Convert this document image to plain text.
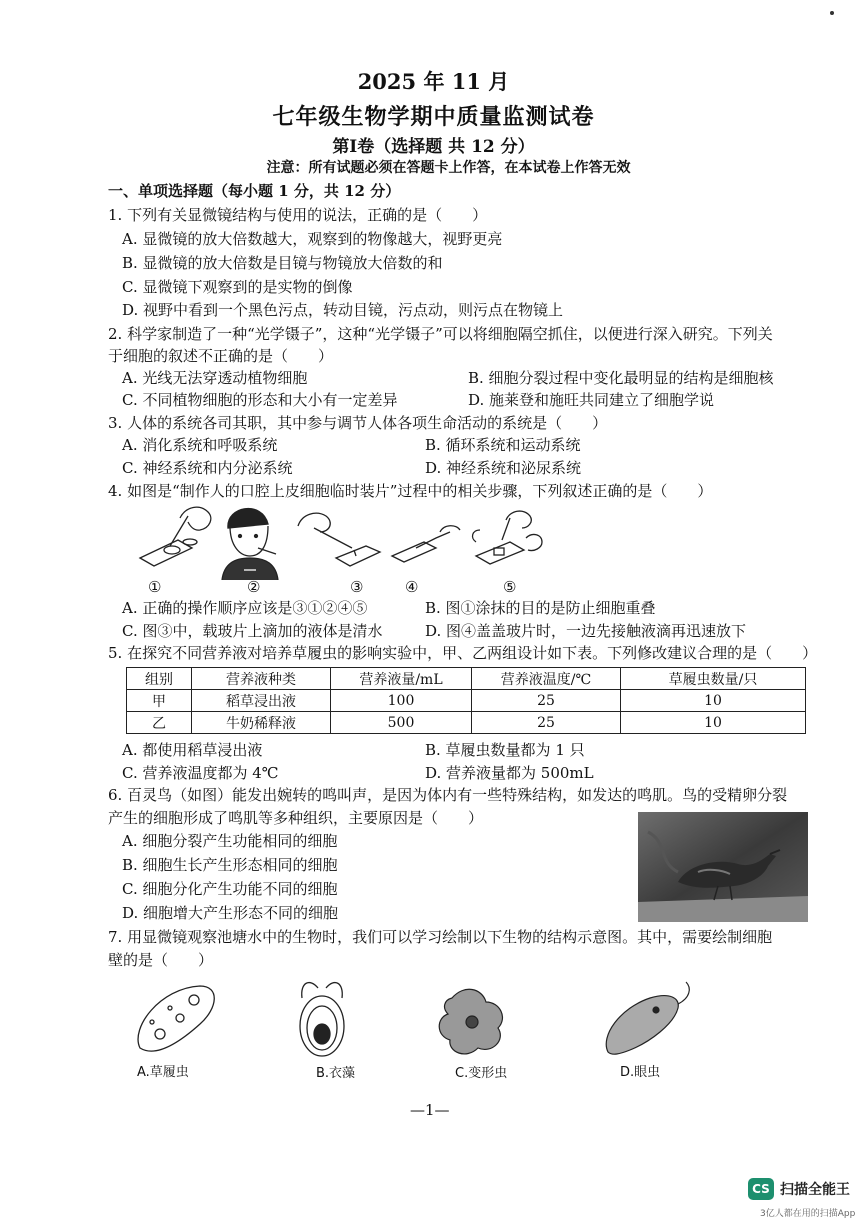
2025 年 11 月
七年级生物学期中质量监测试卷
第Ⅰ卷（选择题 共 12 分）
注意：所有试题必须在答题卡上作答，在本试卷上作答无效
一、单项选择题（每小题 1 分，共 12 分）
1. 下列有关显微镜结构与使用的说法，正确的是（　　）
A. 显微镜的放大倍数越大，观察到的物像越大，视野更亮
B. 显微镜的放大倍数是目镜与物镜放大倍数的和
C. 显微镜下观察到的是实物的倒像
D. 视野中看到一个黑色污点，转动目镜，污点动，则污点在物镜上
2. 科学家制造了一种“光学镊子”，这种“光学镊子”可以将细胞隔空抓住，以便进行深入研究。下列关
于细胞的叙述不正确的是（　　）
A. 光线无法穿透动植物细胞	B. 细胞分裂过程中变化最明显的结构是细胞核
C. 不同植物细胞的形态和大小有一定差异	D. 施莱登和施旺共同建立了细胞学说
3. 人体的系统各司其职，其中参与调节人体各项生命活动的系统是（　　）
A. 消化系统和呼吸系统	B. 循环系统和运动系统
C. 神经系统和内分泌系统	D. 神经系统和泌尿系统
4. 如图是“制作人的口腔上皮细胞临时装片”过程中的相关步骤，下列叙述正确的是（　　）
①	②	③	④	⑤
A. 正确的操作顺序应该是③①②④⑤	B. 图①涂抹的目的是防止细胞重叠
C. 图③中，载玻片上滴加的液体是清水	D. 图④盖盖玻片时，一边先接触液滴再迅速放下
5. 在探究不同营养液对培养草履虫的影响实验中，甲、乙两组设计如下表。下列修改建议合理的是（　　）
组别	营养液种类	营养液量/mL	营养液温度/℃	草履虫数量/只
甲	稻草浸出液	100	25	10
乙	牛奶稀释液	500	25	10
A. 都使用稻草浸出液	B. 草履虫数量都为 1 只
C. 营养液温度都为 4℃	D. 营养液量都为 500mL
6. 百灵鸟（如图）能发出婉转的鸣叫声，是因为体内有一些特殊结构，如发达的鸣肌。鸟的受精卵分裂
产生的细胞形成了鸣肌等多种组织，主要原因是（　　）
A. 细胞分裂产生功能相同的细胞
B. 细胞生长产生形态相同的细胞
C. 细胞分化产生功能不同的细胞
D. 细胞增大产生形态不同的细胞
7. 用显微镜观察池塘水中的生物时，我们可以学习绘制以下生物的结构示意图。其中，需要绘制细胞
壁的是（　　）
A.草履虫	B.衣藻	C.变形虫	D.眼虫
—1—
CS 扫描全能王
3亿人都在用的扫描App
